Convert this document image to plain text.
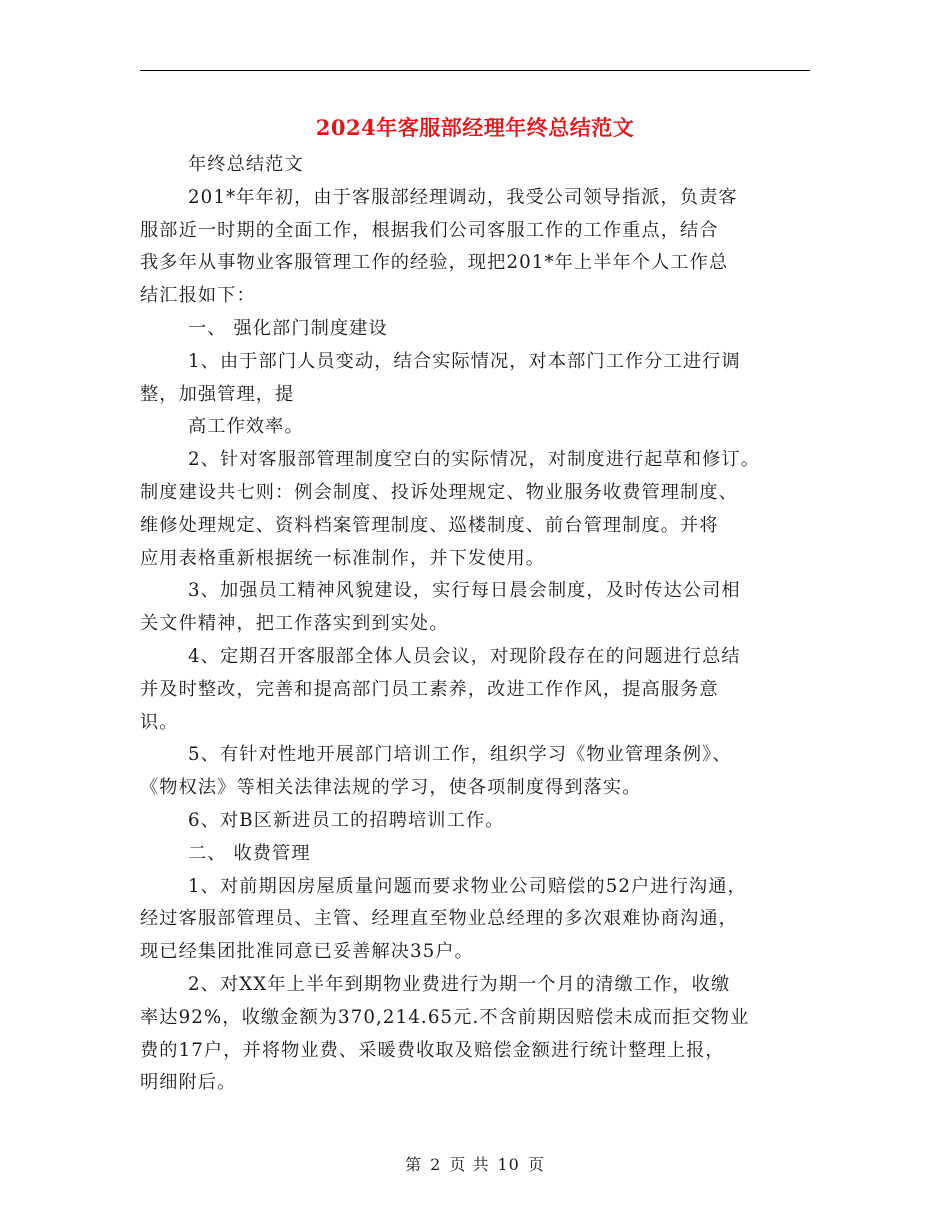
2024年客服部经理年终总结范文
年终总结范文
201*年年初，由于客服部经理调动，我受公司领导指派，负责客
服部近一时期的全面工作，根据我们公司客服工作的工作重点，结合
我多年从事物业客服管理工作的经验，现把201*年上半年个人工作总
结汇报如下：
一、 强化部门制度建设
1、由于部门人员变动，结合实际情况，对本部门工作分工进行调
整，加强管理，提
高工作效率。
2、针对客服部管理制度空白的实际情况，对制度进行起草和修订。
制度建设共七则：例会制度、投诉处理规定、物业服务收费管理制度、
维修处理规定、资料档案管理制度、巡楼制度、前台管理制度。并将
应用表格重新根据统一标准制作，并下发使用。
3、加强员工精神风貌建设，实行每日晨会制度，及时传达公司相
关文件精神，把工作落实到到实处。
4、定期召开客服部全体人员会议，对现阶段存在的问题进行总结
并及时整改，完善和提高部门员工素养，改进工作作风，提高服务意
识。
5、有针对性地开展部门培训工作，组织学习《物业管理条例》、
《物权法》等相关法律法规的学习，使各项制度得到落实。
6、对B区新进员工的招聘培训工作。
二、 收费管理
1、对前期因房屋质量问题而要求物业公司赔偿的52户进行沟通，
经过客服部管理员、主管、经理直至物业总经理的多次艰难协商沟通，
现已经集团批准同意已妥善解决35户。
2、对XX年上半年到期物业费进行为期一个月的清缴工作，收缴
率达92%，收缴金额为370,214.65元.不含前期因赔偿未成而拒交物业
费的17户，并将物业费、采暖费收取及赔偿金额进行统计整理上报，
明细附后。
第 2 页 共 10 页
